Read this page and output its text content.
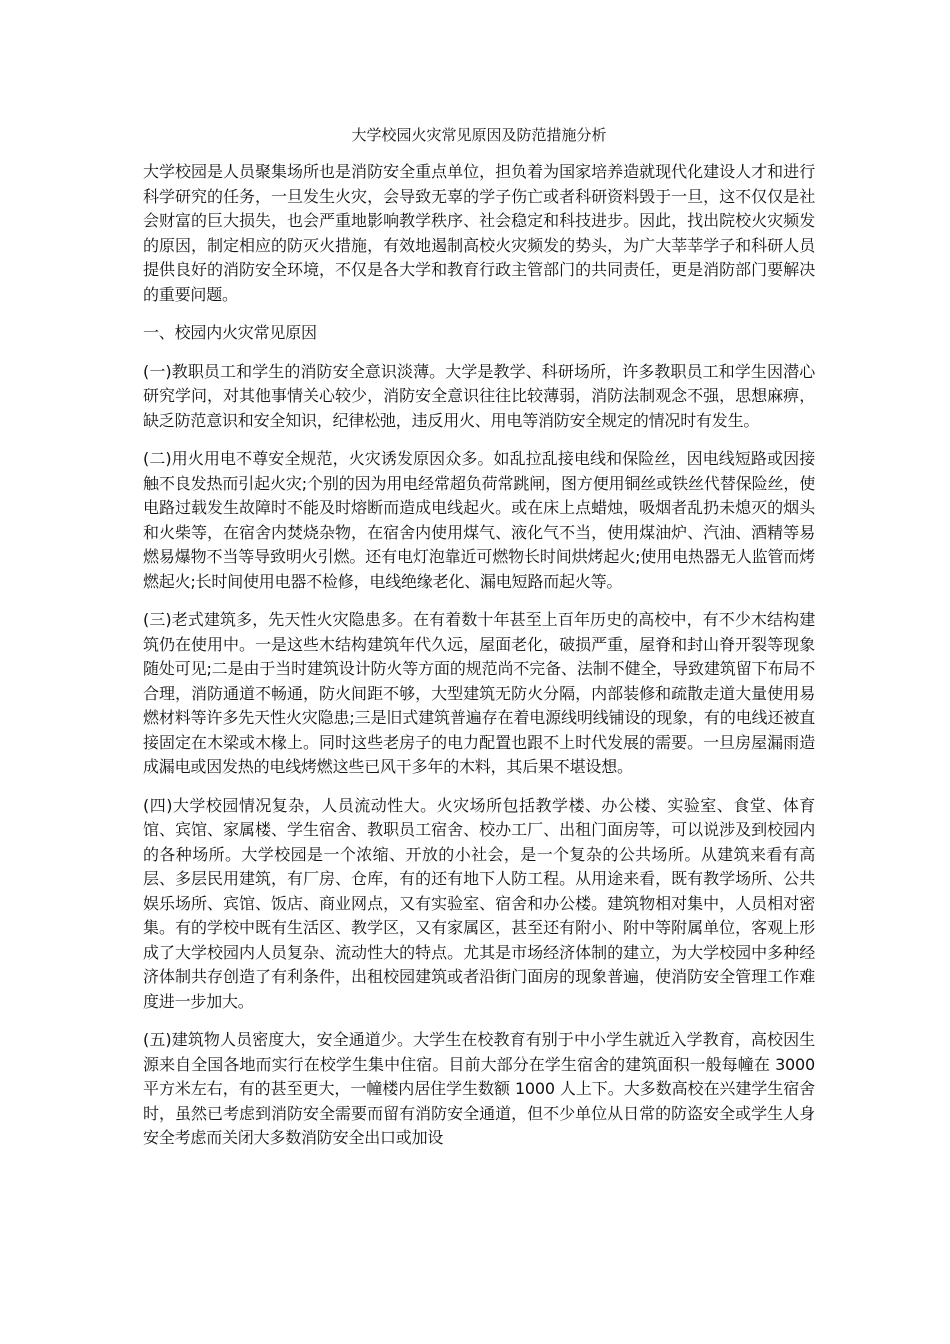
大学校园火灾常见原因及防范措施分析

大学校园是人员聚集场所也是消防安全重点单位，担负着为国家培养造就现代化建设人才和进行科学研究的任务，一旦发生火灾，会导致无辜的学子伤亡或者科研资料毁于一旦，这不仅仅是社会财富的巨大损失，也会严重地影响教学秩序、社会稳定和科技进步。因此，找出院校火灾频发的原因，制定相应的防灭火措施，有效地遏制高校火灾频发的势头，为广大莘莘学子和科研人员提供良好的消防安全环境，不仅是各大学和教育行政主管部门的共同责任，更是消防部门要解决的重要问题。

一、校园内火灾常见原因

(一)教职员工和学生的消防安全意识淡薄。大学是教学、科研场所，许多教职员工和学生因潜心研究学问，对其他事情关心较少，消防安全意识往往比较薄弱，消防法制观念不强，思想麻痹，缺乏防范意识和安全知识，纪律松弛，违反用火、用电等消防安全规定的情况时有发生。

(二)用火用电不尊安全规范，火灾诱发原因众多。如乱拉乱接电线和保险丝，因电线短路或因接触不良发热而引起火灾;个别的因为用电经常超负荷常跳闸，图方便用铜丝或铁丝代替保险丝，使电路过载发生故障时不能及时熔断而造成电线起火。或在床上点蜡烛，吸烟者乱扔未熄灭的烟头和火柴等，在宿舍内焚烧杂物，在宿舍内使用煤气、液化气不当，使用煤油炉、汽油、酒精等易燃易爆物不当等导致明火引燃。还有电灯泡靠近可燃物长时间烘烤起火;使用电热器无人监管而烤燃起火;长时间使用电器不检修，电线绝缘老化、漏电短路而起火等。

(三)老式建筑多，先天性火灾隐患多。在有着数十年甚至上百年历史的高校中，有不少木结构建筑仍在使用中。一是这些木结构建筑年代久远，屋面老化，破损严重，屋脊和封山脊开裂等现象随处可见;二是由于当时建筑设计防火等方面的规范尚不完备、法制不健全，导致建筑留下布局不合理，消防通道不畅通，防火间距不够，大型建筑无防火分隔，内部装修和疏散走道大量使用易燃材料等许多先天性火灾隐患;三是旧式建筑普遍存在着电源线明线铺设的现象，有的电线还被直接固定在木梁或木椽上。同时这些老房子的电力配置也跟不上时代发展的需要。一旦房屋漏雨造成漏电或因发热的电线烤燃这些已风干多年的木料，其后果不堪设想。

(四)大学校园情况复杂，人员流动性大。火灾场所包括教学楼、办公楼、实验室、食堂、体育馆、宾馆、家属楼、学生宿舍、教职员工宿舍、校办工厂、出租门面房等，可以说涉及到校园内的各种场所。大学校园是一个浓缩、开放的小社会，是一个复杂的公共场所。从建筑来看有高层、多层民用建筑，有厂房、仓库，有的还有地下人防工程。从用途来看，既有教学场所、公共娱乐场所、宾馆、饭店、商业网点，又有实验室、宿舍和办公楼。建筑物相对集中，人员相对密集。有的学校中既有生活区、教学区，又有家属区，甚至还有附小、附中等附属单位，客观上形成了大学校园内人员复杂、流动性大的特点。尤其是市场经济体制的建立，为大学校园中多种经济体制共存创造了有利条件，出租校园建筑或者沿街门面房的现象普遍，使消防安全管理工作难度进一步加大。

(五)建筑物人员密度大，安全通道少。大学生在校教育有别于中小学生就近入学教育，高校因生源来自全国各地而实行在校学生集中住宿。目前大部分在学生宿舍的建筑面积一般每幢在 3000 平方米左右，有的甚至更大，一幢楼内居住学生数额 1000 人上下。大多数高校在兴建学生宿舍时，虽然已考虑到消防安全需要而留有消防安全通道，但不少单位从日常的防盗安全或学生人身安全考虑而关闭大多数消防安全出口或加设
